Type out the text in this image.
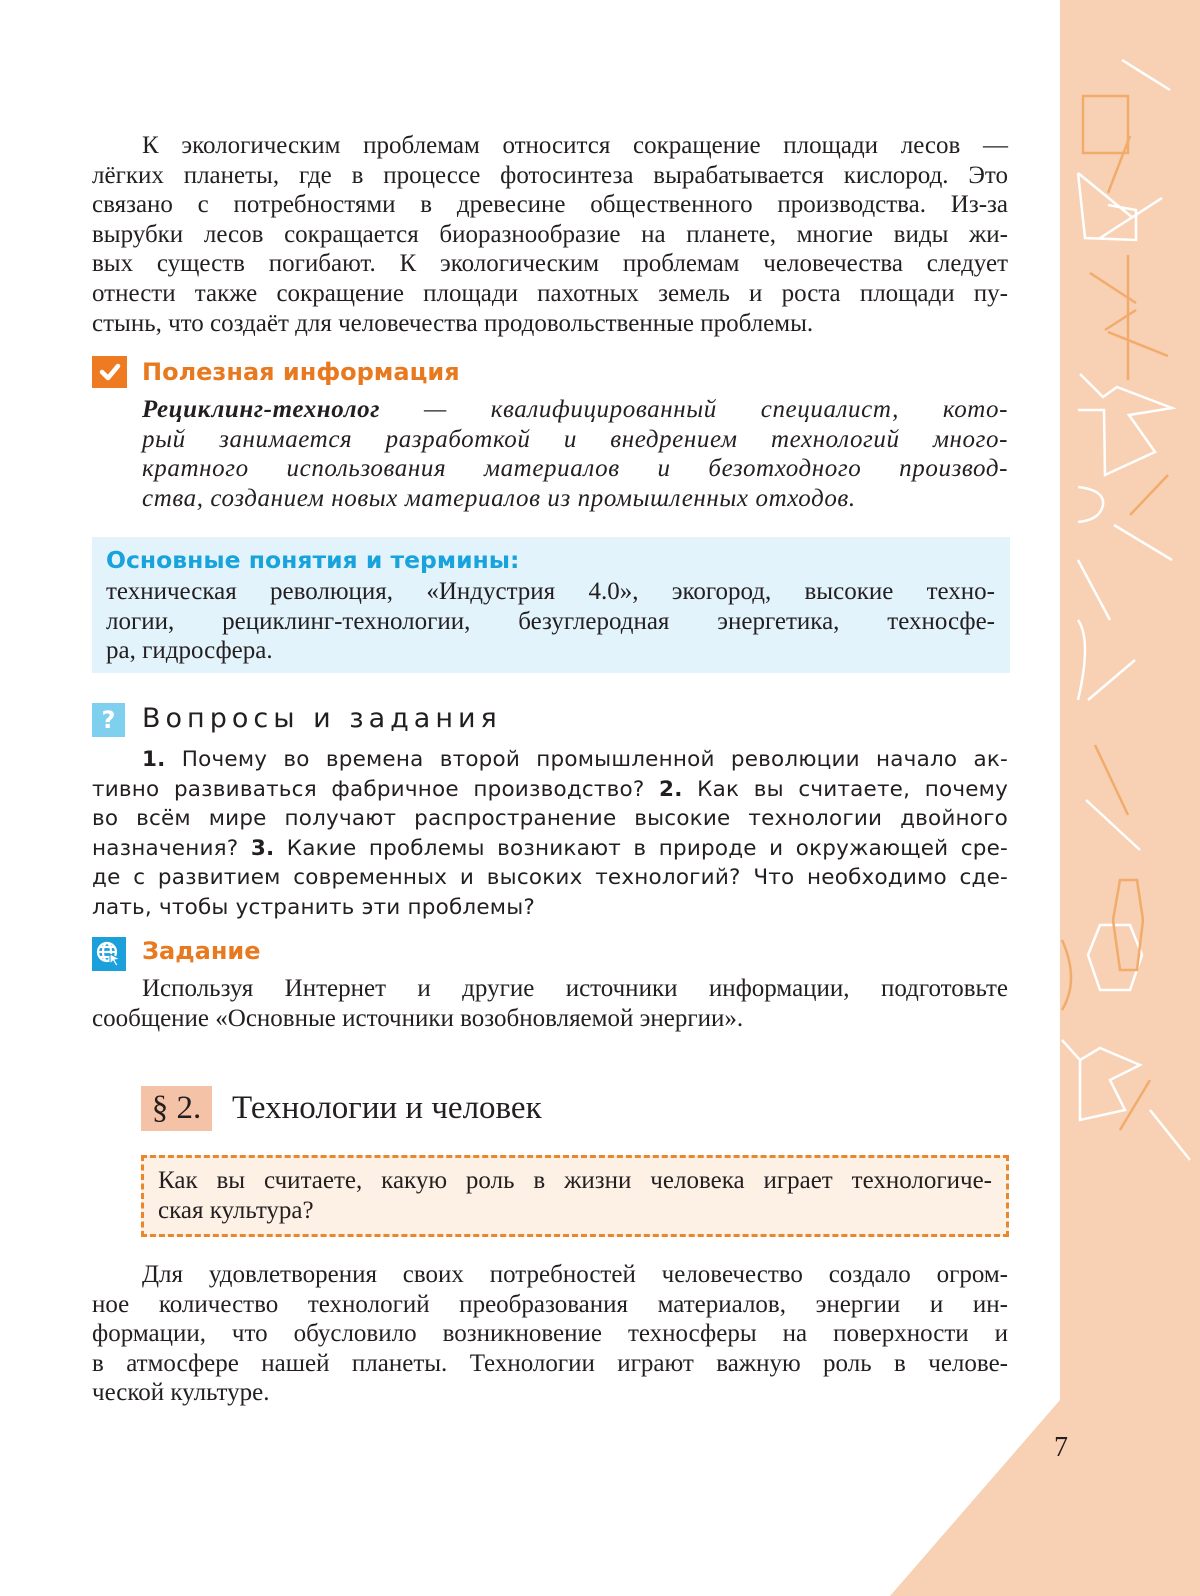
К экологическим проблемам относится сокращение площади лесов —
лёгких планеты, где в процессе фотосинтеза вырабатывается кислород. Это
связано с потребностями в древесине общественного производства. Из-за
вырубки лесов сокращается биоразнообразие на планете, многие виды жи-
вых существ погибают. К экологическим проблемам человечества следует
отнести также сокращение площади пахотных земель и роста площади пу-
стынь, что создаёт для человечества продовольственные проблемы.
Полезная информация
Рециклинг-технолог — квалифицированный специалист, кото-
рый занимается разработкой и внедрением технологий много-
кратного использования материалов и безотходного производ-
ства, созданием новых материалов из промышленных отходов.
Основные понятия и термины:
техническая революция, «Индустрия 4.0», экогород, высокие техно-
логии, рециклинг-технологии, безуглеродная энергетика, техносфе-
ра, гидросфера.
? Вопросы и задания
1. Почему во времена второй промышленной революции начало ак-
тивно развиваться фабричное производство? 2. Как вы считаете, почему
во всём мире получают распространение высокие технологии двойного
назначения? 3. Какие проблемы возникают в природе и окружающей сре-
де с развитием современных и высоких технологий? Что необходимо сде-
лать, чтобы устранить эти проблемы?
Задание
Используя Интернет и другие источники информации, подготовьте
сообщение «Основные источники возобновляемой энергии».
§ 2. Технологии и человек
Как вы считаете, какую роль в жизни человека играет технологиче-
ская культура?
Для удовлетворения своих потребностей человечество создало огром-
ное количество технологий преобразования материалов, энергии и ин-
формации, что обусловило возникновение техносферы на поверхности и
в атмосфере нашей планеты. Технологии играют важную роль в челове-
ческой культуре.
7
